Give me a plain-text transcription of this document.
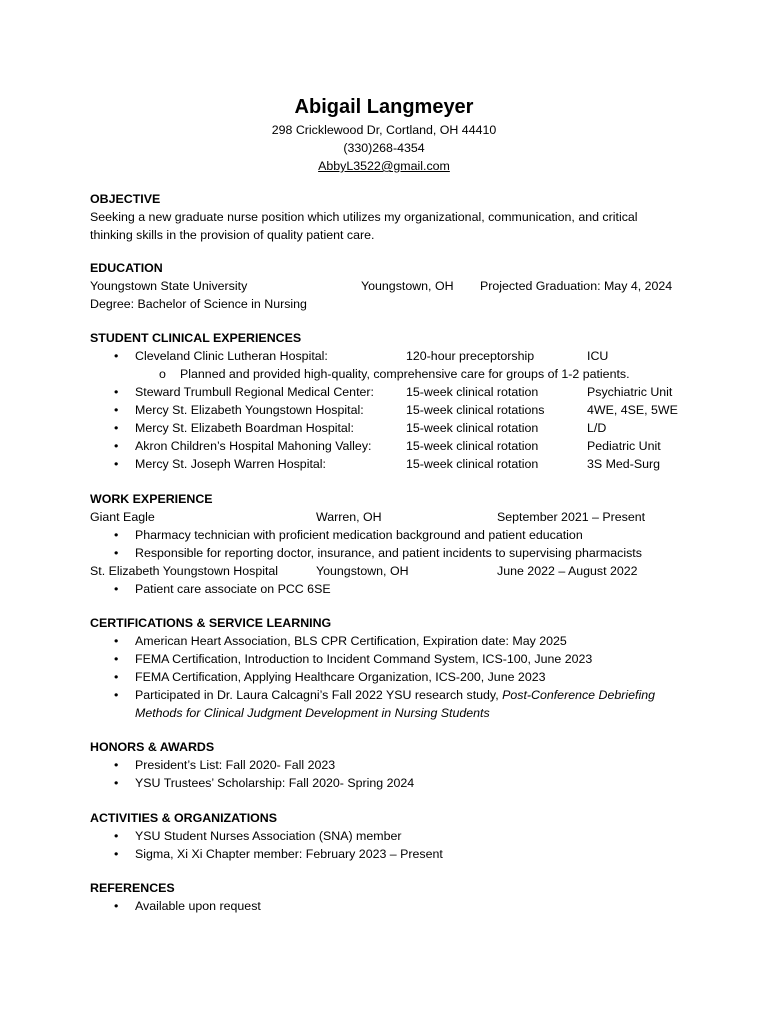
Abigail Langmeyer
298 Cricklewood Dr, Cortland, OH 44410
(330)268-4354
AbbyL3522@gmail.com
OBJECTIVE
Seeking a new graduate nurse position which utilizes my organizational, communication, and critical
thinking skills in the provision of quality patient care.
EDUCATION
Youngstown State University	Youngstown, OH Projected Graduation: May 4, 2024
Degree: Bachelor of Science in Nursing
STUDENT CLINICAL EXPERIENCES
• Cleveland Clinic Lutheran Hospital:	120-hour preceptorship	ICU
o Planned and provided high-quality, comprehensive care for groups of 1-2 patients.
• Steward Trumbull Regional Medical Center:	15-week clinical rotation	Psychiatric Unit
• Mercy St. Elizabeth Youngstown Hospital:	15-week clinical rotations	4WE, 4SE, 5WE
• Mercy St. Elizabeth Boardman Hospital:	15-week clinical rotation	L/D
• Akron Children’s Hospital Mahoning Valley:	15-week clinical rotation	Pediatric Unit
• Mercy St. Joseph Warren Hospital:	15-week clinical rotation	3S Med-Surg
WORK EXPERIENCE
Giant Eagle	Warren, OH	September 2021 – Present
• Pharmacy technician with proficient medication background and patient education
• Responsible for reporting doctor, insurance, and patient incidents to supervising pharmacists
St. Elizabeth Youngstown Hospital	Youngstown, OH	June 2022 – August 2022
• Patient care associate on PCC 6SE
CERTIFICATIONS & SERVICE LEARNING
• American Heart Association, BLS CPR Certification, Expiration date: May 2025
• FEMA Certification, Introduction to Incident Command System, ICS-100, June 2023
• FEMA Certification, Applying Healthcare Organization, ICS-200, June 2023
• Participated in Dr. Laura Calcagni’s Fall 2022 YSU research study, Post-Conference Debriefing
Methods for Clinical Judgment Development in Nursing Students
HONORS & AWARDS
• President’s List: Fall 2020- Fall 2023
• YSU Trustees’ Scholarship: Fall 2020- Spring 2024
ACTIVITIES & ORGANIZATIONS
• YSU Student Nurses Association (SNA) member
• Sigma, Xi Xi Chapter member: February 2023 – Present
REFERENCES
• Available upon request
